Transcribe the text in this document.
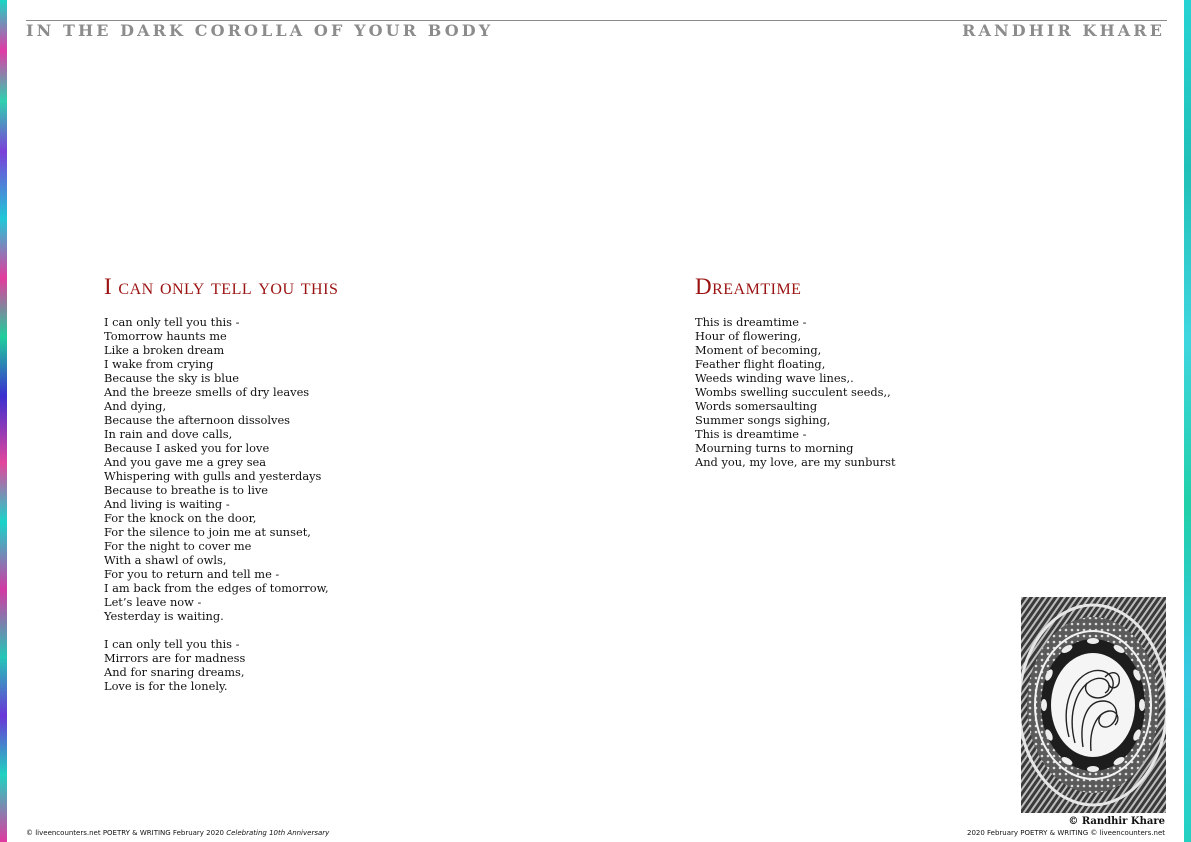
IN THE DARK COROLLA OF YOUR BODY	RANDHIR KHARE
I can only tell you this
I can only tell you this -
Tomorrow haunts me
Like a broken dream
I wake from crying
Because the sky is blue
And the breeze smells of dry leaves
And dying,
Because the afternoon dissolves
In rain and dove calls,
Because I asked you for love
And you gave me a grey sea
Whispering with gulls and yesterdays
Because to breathe is to live
And living is waiting -
For the knock on the door,
For the silence to join me at sunset,
For the night to cover me
With a shawl of owls,
For you to return and tell me -
I am back from the edges of tomorrow,
Let’s leave now -
Yesterday is waiting.
I can only tell you this -
Mirrors are for madness
And for snaring dreams,
Love is for the lonely.
Dreamtime
This is dreamtime -
Hour of flowering,
Moment of becoming,
Feather flight floating,
Weeds winding wave lines,.
Wombs swelling succulent seeds,,
Words somersaulting
Summer songs sighing,
This is dreamtime -
Mourning turns to morning
And you, my love, are my sunburst
© Randhir Khare
© liveencounters.net POETRY & WRITING February 2020 Celebrating 10th Anniversary	2020 February POETRY & WRITING © liveencounters.net
